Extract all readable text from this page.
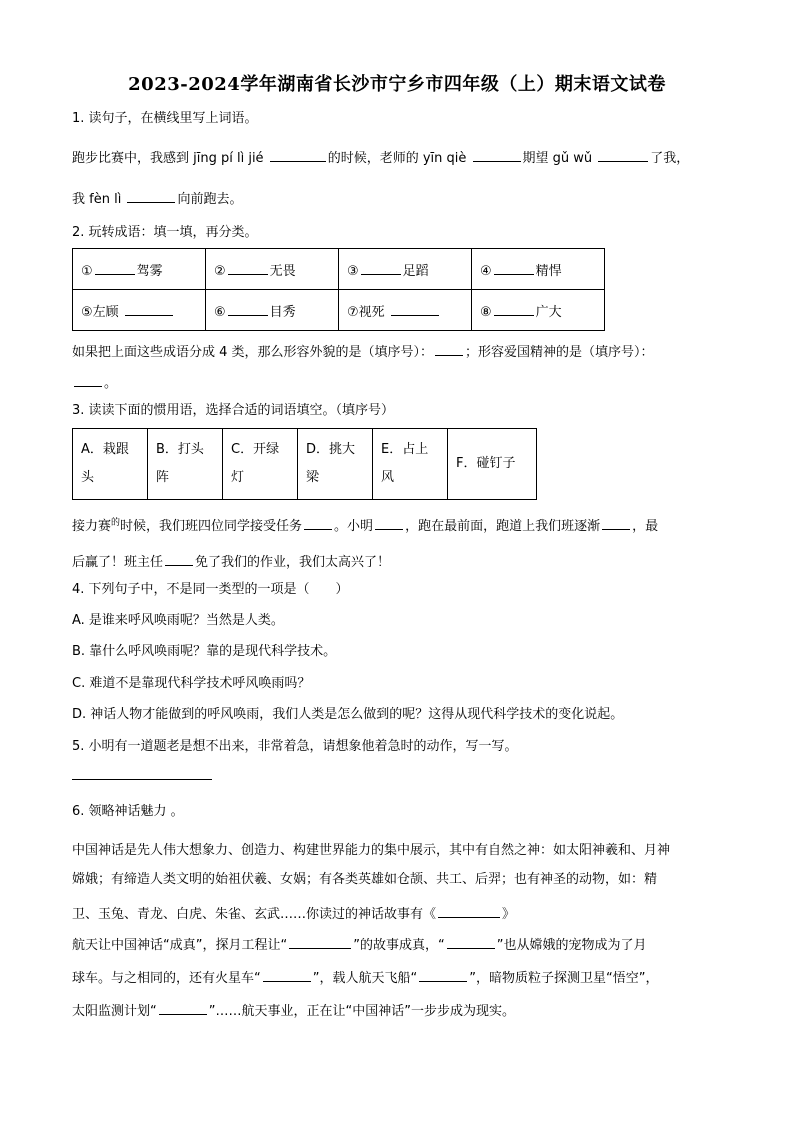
2023-2024学年湖南省长沙市宁乡市四年级（上）期末语文试卷
1. 读句子，在横线里写上词语。
跑步比赛中，我感到 jīng pí lì jié	的时候，老师的 yīn qiè	期望 gǔ wǔ	了我，
我 fèn lì	向前跑去。
2. 玩转成语：填一填，再分类。
① 驾雾	② 无畏	③ 足蹈	④ 精悍
⑤左顾	⑥ 目秀	⑦视死	⑧ 广大
如果把上面这些成语分成 4 类，那么形容外貌的是（填序号）： ；形容爱国精神的是（填序号）：
。
3. 读读下面的惯用语，选择合适的词语填空。（填序号）
A．栽跟
头	B．打头
阵	C．开绿
灯	D．挑大
梁	E．占上
风	F．碰钉子
接力赛$^的$时候，我们班四位同学接受任务 。小明 ，跑在最前面，跑道上我们班逐渐 ，最
后赢了！班主任 免了我们的作业，我们太高兴了！
4. 下列句子中，不是同一类型的一项是（　　）
A. 是谁来呼风唤雨呢？当然是人类。
B. 靠什么呼风唤雨呢？靠的是现代科学技术。
C. 难道不是靠现代科学技术呼风唤雨吗？
D. 神话人物才能做到的呼风唤雨，我们人类是怎么做到的呢？这得从现代科学技术的变化说起。
5. 小明有一道题老是想不出来，非常着急，请想象他着急时的动作，写一写。
6. 领略神话魅力 。
中国神话是先人伟大想象力、创造力、构建世界能力的集中展示，其中有自然之神：如太阳神羲和、月神
嫦娥；有缔造人类文明的始祖伏羲、女娲；有各类英雄如仓颉、共工、后羿；也有神圣的动物，如：精
卫、玉兔、青龙、白虎、朱雀、玄武……你读过的神话故事有《	》
航天让中国神话“成真”，探月工程让“	”的故事成真，“	”也从嫦娥的宠物成为了月
球车。与之相同的，还有火星车“	”，载人航天飞船“	”，暗物质粒子探测卫星“悟空”，
太阳监测计划“	”……航天事业，正在让“中国神话”一步步成为现实。
